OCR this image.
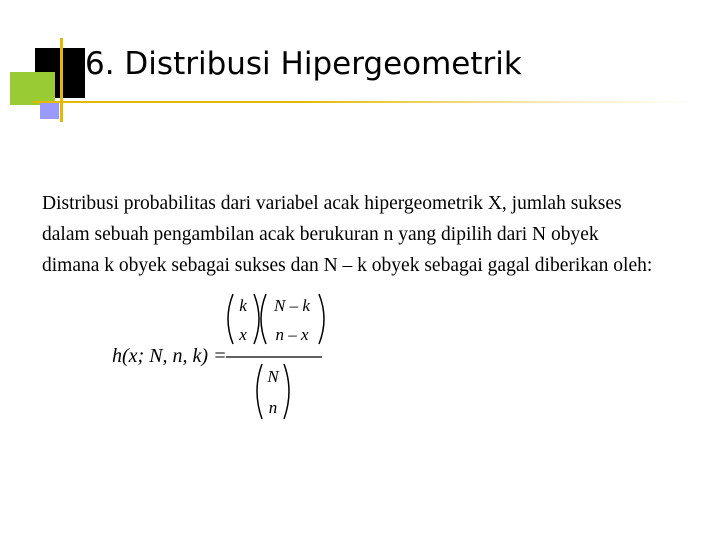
6. Distribusi Hipergeometrik
Distribusi probabilitas dari variabel acak hipergeometrik X, jumlah sukses
dalam sebuah pengambilan acak berukuran n yang dipilih dari N obyek
dimana k obyek sebagai sukses dan N – k obyek sebagai gagal diberikan oleh:
h(x; N, n, k) =
k
x
N – k
n – x
N
n
